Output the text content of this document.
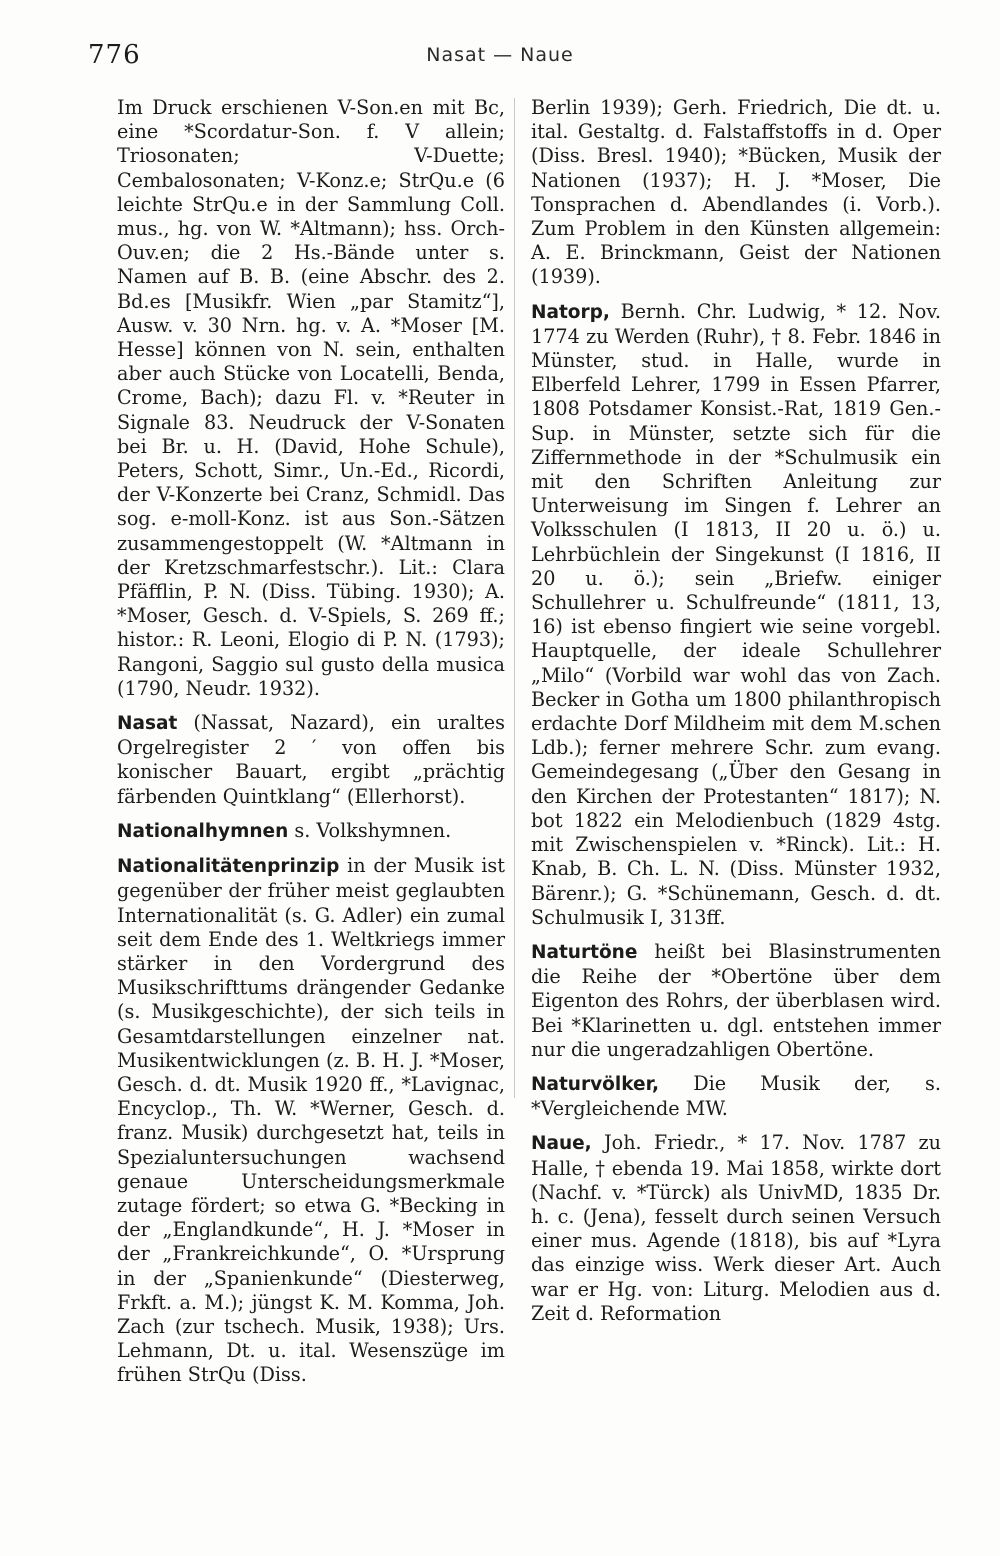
776	Nasat — Naue

Im Druck erschienen V-Son.en mit Bc, eine *Scordatur-Son. f. V allein; Triosonaten; V-Duette; Cembalosonaten; V-Konz.e; StrQu.e (6 leichte StrQu.e in der Sammlung Coll. mus., hg. von W. *Altmann); hss. Orch-Ouv.en; die 2 Hs.-Bände unter s. Namen auf B. B. (eine Abschr. des 2. Bd.es [Musikfr. Wien „par Stamitz“], Ausw. v. 30 Nrn. hg. v. A. *Moser [M. Hesse] können von N. sein, enthalten aber auch Stücke von Locatelli, Benda, Crome, Bach); dazu Fl. v. *Reuter in Signale 83. Neudruck der V-Sonaten bei Br. u. H. (David, Hohe Schule), Peters, Schott, Simr., Un.-Ed., Ricordi, der V-Konzerte bei Cranz, Schmidl. Das sog. e-moll-Konz. ist aus Son.-Sätzen zusammengestoppelt (W. *Altmann in der Kretzschmarfestschr.). Lit.: Clara Pfäfflin, P. N. (Diss. Tübing. 1930); A. *Moser, Gesch. d. V-Spiels, S. 269 ff.; histor.: R. Leoni, Elogio di P. N. (1793); Rangoni, Saggio sul gusto della musica (1790, Neudr. 1932).

Nasat (Nassat, Nazard), ein uraltes Orgelregister 2 ′ von offen bis konischer Bauart, ergibt „prächtig färbenden Quintklang“ (Ellerhorst).

Nationalhymnen s. Volkshymnen.

Nationalitätenprinzip in der Musik ist gegenüber der früher meist geglaubten Internationalität (s. G. Adler) ein zumal seit dem Ende des 1. Weltkriegs immer stärker in den Vordergrund des Musikschrifttums drängender Gedanke (s. Musikgeschichte), der sich teils in Gesamtdarstellungen einzelner nat. Musikentwicklungen (z. B. H. J. *Moser, Gesch. d. dt. Musik 1920 ff., *Lavignac, Encyclop., Th. W. *Werner, Gesch. d. franz. Musik) durchgesetzt hat, teils in Spezialuntersuchungen wachsend genaue Unterscheidungsmerkmale zutage fördert; so etwa G. *Becking in der „Englandkunde“, H. J. *Moser in der „Frankreichkunde“, O. *Ursprung in der „Spanienkunde“ (Diesterweg, Frkft. a. M.); jüngst K. M. Komma, Joh. Zach (zur tschech. Musik, 1938); Urs. Lehmann, Dt. u. ital. Wesenszüge im frühen StrQu (Diss.

Berlin 1939); Gerh. Friedrich, Die dt. u. ital. Gestaltg. d. Falstaffstoffs in d. Oper (Diss. Bresl. 1940); *Bücken, Musik der Nationen (1937); H. J. *Moser, Die Tonsprachen d. Abendlandes (i. Vorb.). Zum Problem in den Künsten allgemein: A. E. Brinckmann, Geist der Nationen (1939).

Natorp, Bernh. Chr. Ludwig, * 12. Nov. 1774 zu Werden (Ruhr), † 8. Febr. 1846 in Münster, stud. in Halle, wurde in Elberfeld Lehrer, 1799 in Essen Pfarrer, 1808 Potsdamer Konsist.-Rat, 1819 Gen.-Sup. in Münster, setzte sich für die Ziffernmethode in der *Schulmusik ein mit den Schriften Anleitung zur Unterweisung im Singen f. Lehrer an Volksschulen (I 1813, II 20 u. ö.) u. Lehrbüchlein der Singekunst (I 1816, II 20 u. ö.); sein „Briefw. einiger Schullehrer u. Schulfreunde“ (1811, 13, 16) ist ebenso fingiert wie seine vorgebl. Hauptquelle, der ideale Schullehrer „Milo“ (Vorbild war wohl das von Zach. Becker in Gotha um 1800 philanthropisch erdachte Dorf Mildheim mit dem M.schen Ldb.); ferner mehrere Schr. zum evang. Gemeindegesang („Über den Gesang in den Kirchen der Protestanten“ 1817); N. bot 1822 ein Melodienbuch (1829 4stg. mit Zwischenspielen v. *Rinck). Lit.: H. Knab, B. Ch. L. N. (Diss. Münster 1932, Bärenr.); G. *Schünemann, Gesch. d. dt. Schulmusik I, 313ff.

Naturtöne heißt bei Blasinstrumenten die Reihe der *Obertöne über dem Eigenton des Rohrs, der überblasen wird. Bei *Klarinetten u. dgl. entstehen immer nur die ungeradzahligen Obertöne.

Naturvölker, Die Musik der, s. *Vergleichende MW.

Naue, Joh. Friedr., * 17. Nov. 1787 zu Halle, † ebenda 19. Mai 1858, wirkte dort (Nachf. v. *Türck) als UnivMD, 1835 Dr. h. c. (Jena), fesselt durch seinen Versuch einer mus. Agende (1818), bis auf *Lyra das einzige wiss. Werk dieser Art. Auch war er Hg. von: Liturg. Melodien aus d. Zeit d. Reformation
